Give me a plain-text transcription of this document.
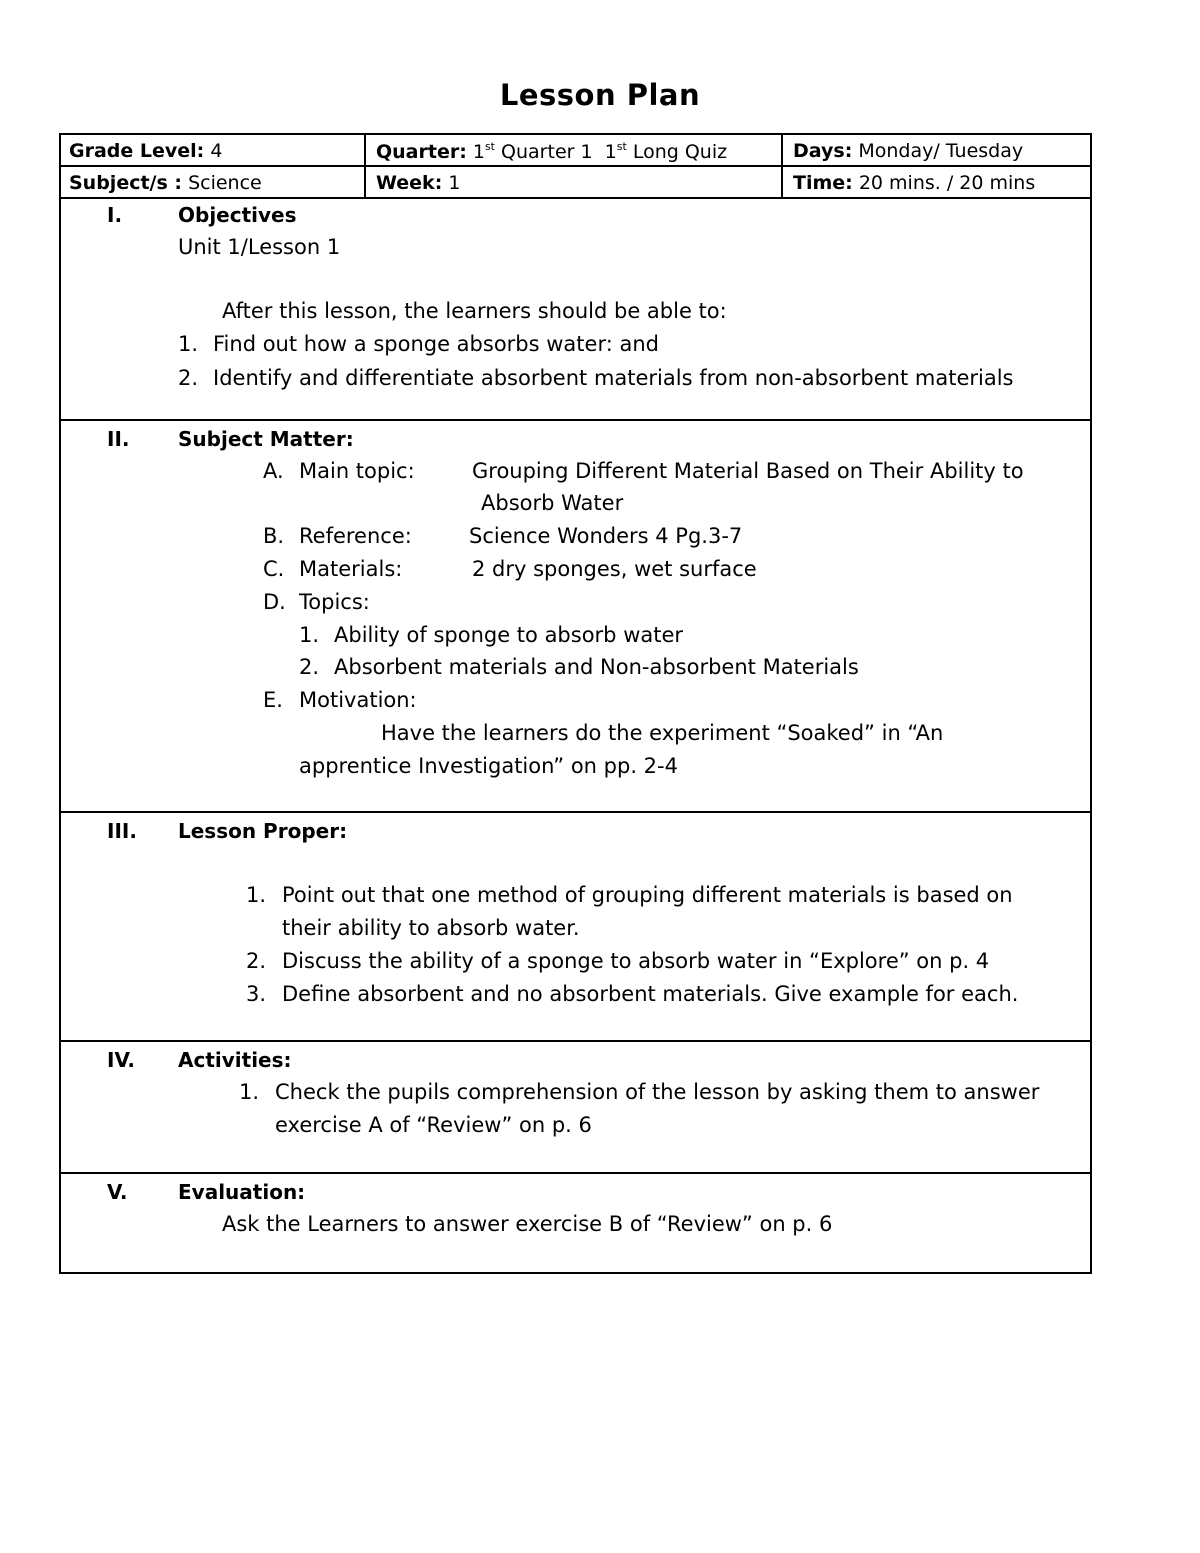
Lesson Plan
Grade Level: 4	Quarter: 1st Quarter 1  1st Long Quiz	Days: Monday/ Tuesday
Subject/s : Science	Week: 1	Time: 20 mins. / 20 mins
I.	Objectives
Unit 1/Lesson 1
After this lesson, the learners should be able to:
1. Find out how a sponge absorbs water: and
2. Identify and differentiate absorbent materials from non-absorbent materials
II. Subject Matter:
A. Main topic:	Grouping Different Material Based on Their Ability to
Absorb Water
B. Reference:	Science Wonders 4 Pg.3-7
C. Materials:	2 dry sponges, wet surface
D. Topics:
1. Ability of sponge to absorb water
2. Absorbent materials and Non-absorbent Materials
E. Motivation:
Have the learners do the experiment “Soaked” in “An
apprentice Investigation” on pp. 2-4
III. Lesson Proper:
1. Point out that one method of grouping different materials is based on
their ability to absorb water.
2. Discuss the ability of a sponge to absorb water in “Explore” on p. 4
3. Define absorbent and no absorbent materials. Give example for each.
IV. Activities:
1. Check the pupils comprehension of the lesson by asking them to answer
exercise A of “Review” on p. 6
V.	Evaluation:
Ask the Learners to answer exercise B of “Review” on p. 6
